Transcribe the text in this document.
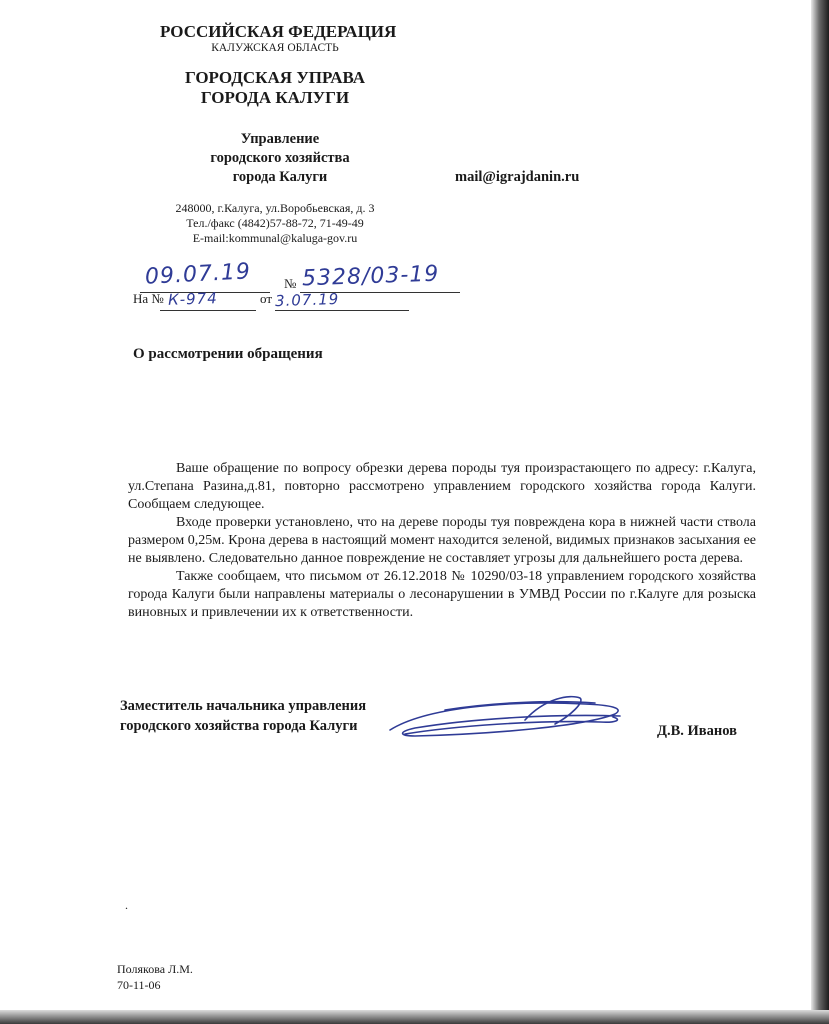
РОССИЙСКАЯ ФЕДЕРАЦИЯ
КАЛУЖСКАЯ ОБЛАСТЬ
ГОРОДСКАЯ УПРАВА
ГОРОДА КАЛУГИ
Управление
городского хозяйства
города Калуги	mail@igrajdanin.ru
248000, г.Калуга, ул.Воробьевская, д. 3
Тел./факс (4842)57-88-72, 71-49-49
E-mail:kommunal@kaluga-gov.ru
09.07.19 № 5328/03-19
На № К-974	от 3.07.19
О рассмотрении обращения

Ваше обращение по вопросу обрезки дерева породы туя произрастающего по адресу: г.Калуга, ул.Степана Разина,д.81, повторно рассмотрено управлением городского хозяйства города Калуги. Сообщаем следующее.

Входе проверки установлено, что на дереве породы туя повреждена кора в нижней части ствола размером 0,25м. Крона дерева в настоящий момент находится зеленой, видимых признаков засыхания ее не выявлено. Следовательно данное повреждение не составляет угрозы для дальнейшего роста дерева.

Также сообщаем, что письмом от 26.12.2018 № 10290/03-18 управлением городского хозяйства города Калуги были направлены материалы о лесонарушении в УМВД России по г.Калуге для розыска виновных и привлечении их к ответственности.

Заместитель начальника управления
городского хозяйства города Калуги	Д.В. Иванов
.
Полякова Л.М.
70-11-06
